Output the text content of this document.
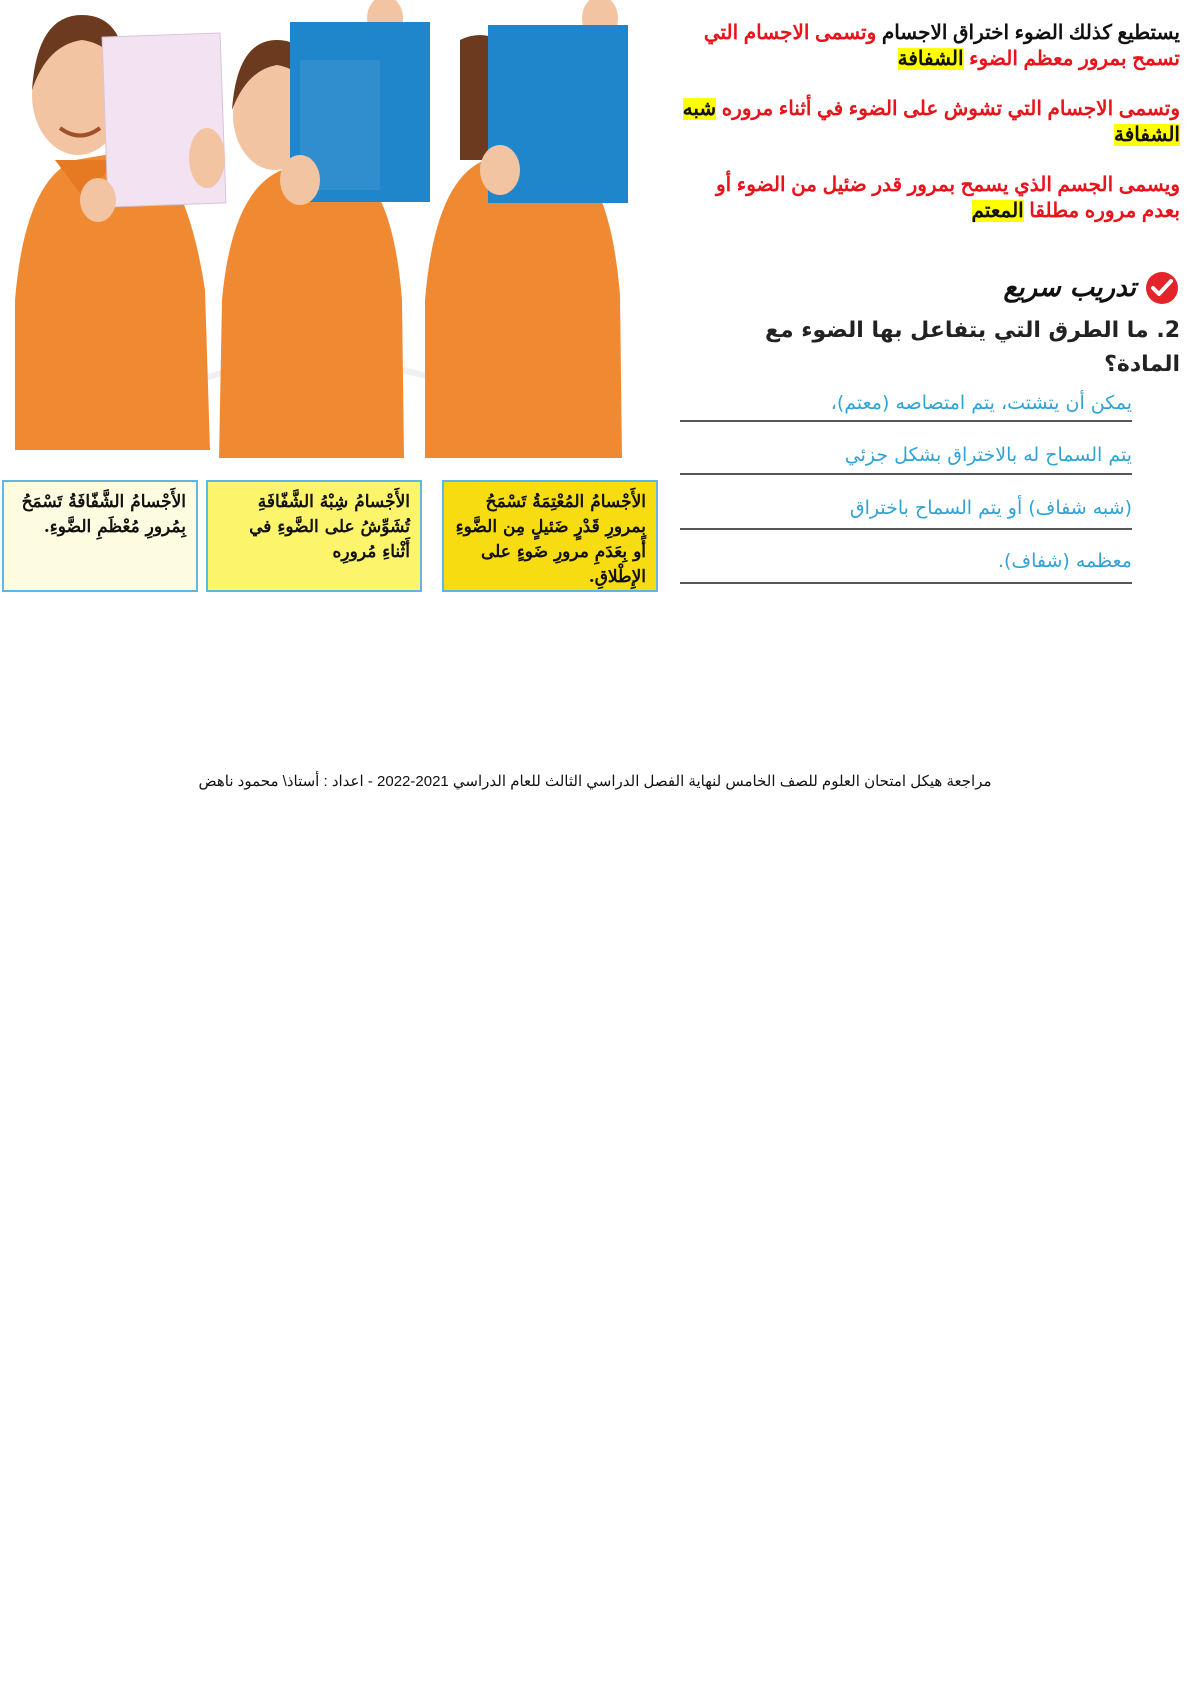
يستطيع كذلك الضوء اختراق الاجسام وتسمى الاجسام التي تسمح بمرور معظم الضوء الشفافة
وتسمى الاجسام التي تشوش على الضوء في أثناء مروره شبه الشفافة
ويسمى الجسم الذي يسمح بمرور قدر ضئيل من الضوء أو بعدم مروره مطلقا المعتم
تدريب سريع
2. ما الطرق التي يتفاعل بها الضوء مع المادة؟
يمكن أن يتشتت، يتم امتصاصه (معتم)،
يتم السماح له بالاختراق بشكل جزئي
(شبه شفاف) أو يتم السماح باختراق
معظمه (شفاف).
الأَجْسامُ الشَّفّافَةُ تَسْمَحُ بِمُرورِ مُعْظَمِ الضَّوءِ.
الأَجْسامُ شِبْهُ الشَّفّافَةِ تُشَوِّشُ على الضَّوءِ في أَثْناءِ مُرورِه
الأَجْسامُ المُعْتِمَةُ تَسْمَحُ بِمرورِ قَدْرٍ ضَئيلٍ مِن الضَّوءِ أَو بِعَدَمِ مرورِ ضَوءٍ على الإِطْلاقِ.
مراجعة هيكل امتحان العلوم للصف الخامس لنهاية الفصل الدراسي الثالث للعام الدراسي 2021-2022 - اعداد : أستاذ\ محمود ناهض
